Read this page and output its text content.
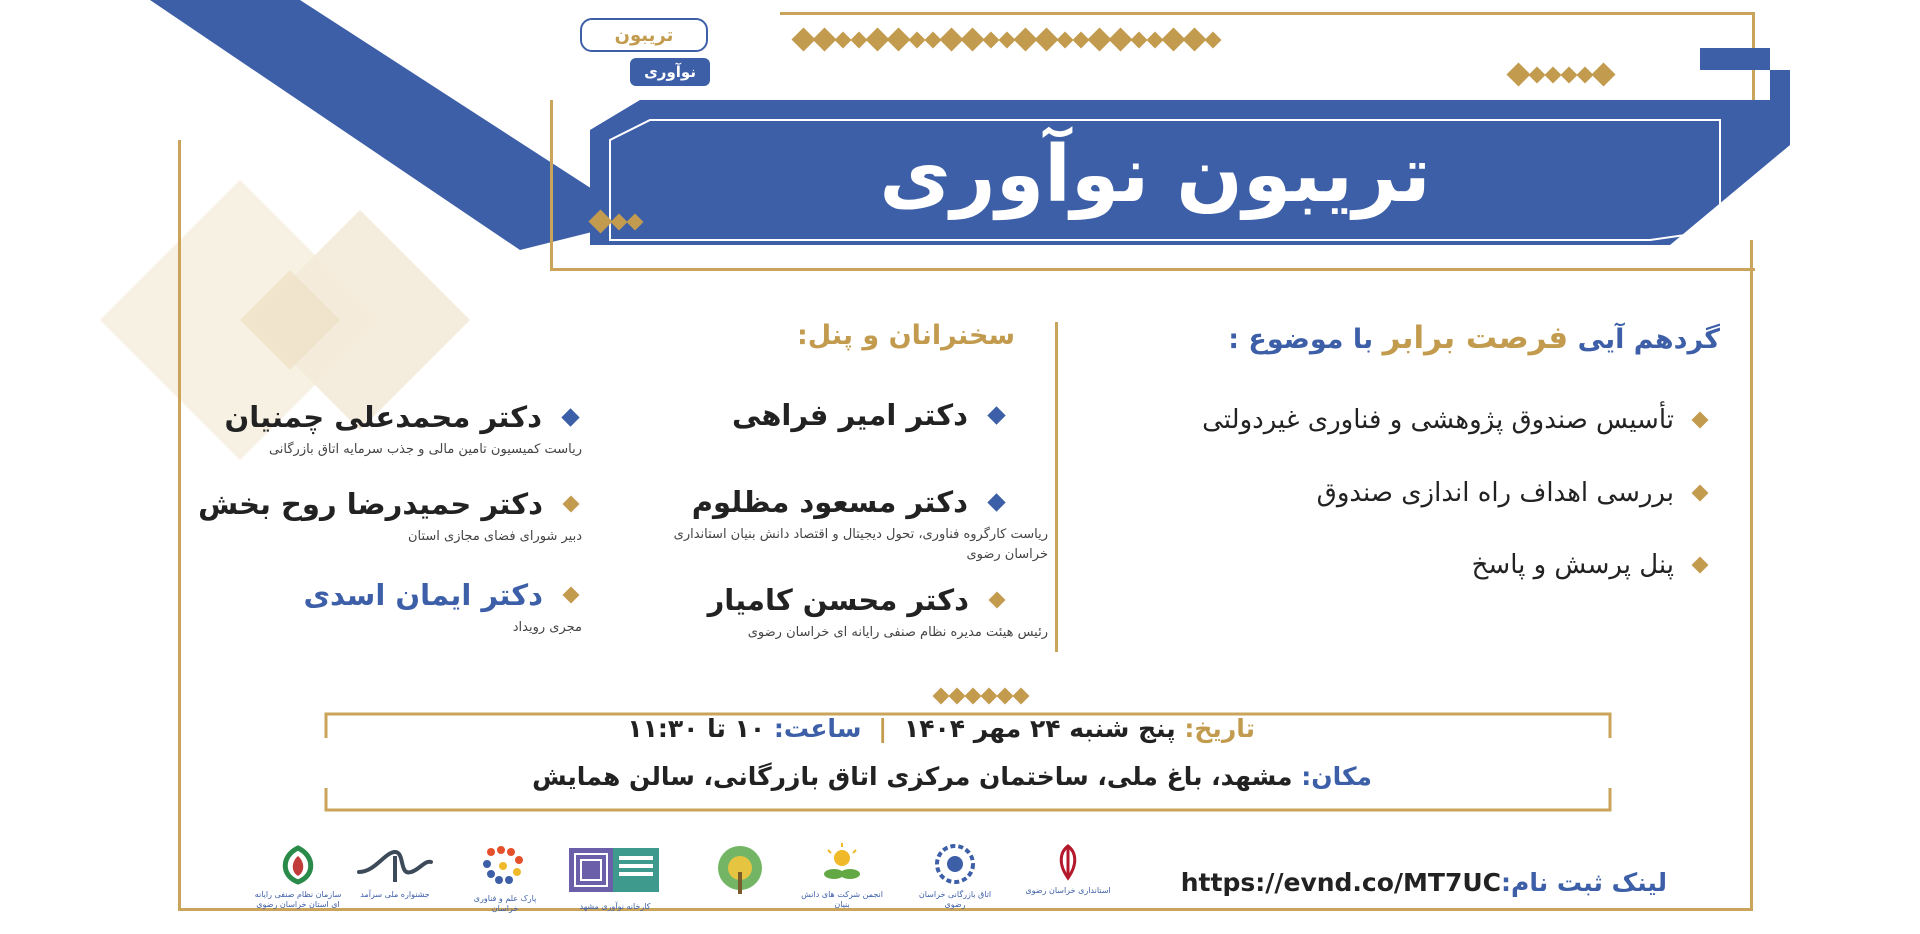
تریبون نوآوری
تریبون
نوآوری
گردهم آیی فرصت برابر با موضوع :
تأسیس صندوق پژوهشی و فناوری غیردولتی
بررسی اهداف راه اندازی صندوق
پنل پرسش و پاسخ
سخنرانان و پنل:
دکتر امیر فراهی
دکتر مسعود مظلوم
ریاست کارگروه فناوری، تحول دیجیتال و اقتصاد دانش بنیان استانداری خراسان رضوی
دکتر محسن کامیار
رئیس هیئت مدیره نظام صنفی رایانه ای خراسان رضوی
دکتر محمدعلی چمنیان
ریاست کمیسیون تامین مالی و جذب سرمایه اتاق بازرگانی
دکتر حمیدرضا روح بخش
دبیر شورای فضای مجازی استان
دکتر ایمان اسدی
مجری رویداد
تاریخ: پنج شنبه ۲۴ مهر ۱۴۰۴ | ساعت: ۱۰ تا ۱۱:۳۰
مکان: مشهد، باغ ملی، ساختمان مرکزی اتاق بازرگانی، سالن همایش
لینک ثبت نام:https://evnd.co/MT7UC
استانداری خراسان رضوی
اتاق بازرگانی خراسان رضوی
انجمن شرکت های دانش بنیان
کارخانه نوآوری مشهد
پارک علم و فناوری خراسان
جشنواره ملی سرآمد
سازمان نظام صنفی رایانه ای استان خراسان رضوی
